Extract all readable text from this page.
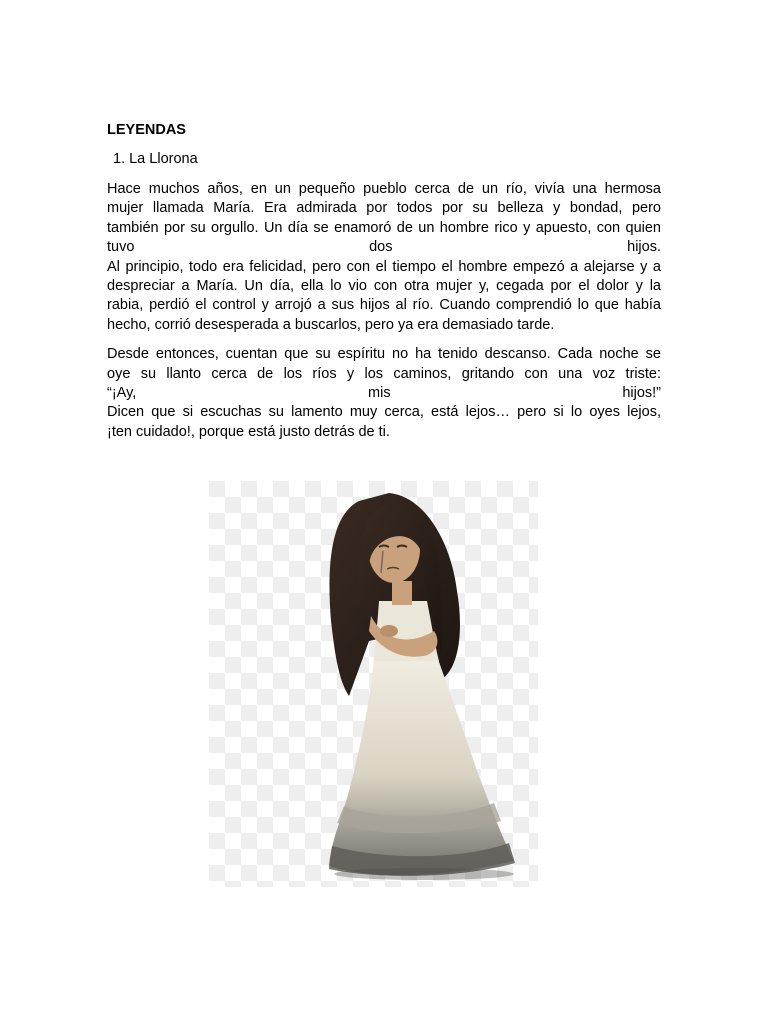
LEYENDAS
1. La Llorona
Hace muchos años, en un pequeño pueblo cerca de un río, vivía una hermosa
mujer llamada María. Era admirada por todos por su belleza y bondad, pero
también por su orgullo. Un día se enamoró de un hombre rico y apuesto, con quien
tuvo dos hijos.
Al principio, todo era felicidad, pero con el tiempo el hombre empezó a alejarse y a
despreciar a María. Un día, ella lo vio con otra mujer y, cegada por el dolor y la
rabia, perdió el control y arrojó a sus hijos al río. Cuando comprendió lo que había
hecho, corrió desesperada a buscarlos, pero ya era demasiado tarde.
Desde entonces, cuentan que su espíritu no ha tenido descanso. Cada noche se
oye su llanto cerca de los ríos y los caminos, gritando con una voz triste:
“¡Ay, mis hijos!”
Dicen que si escuchas su lamento muy cerca, está lejos… pero si lo oyes lejos,
¡ten cuidado!, porque está justo detrás de ti.
